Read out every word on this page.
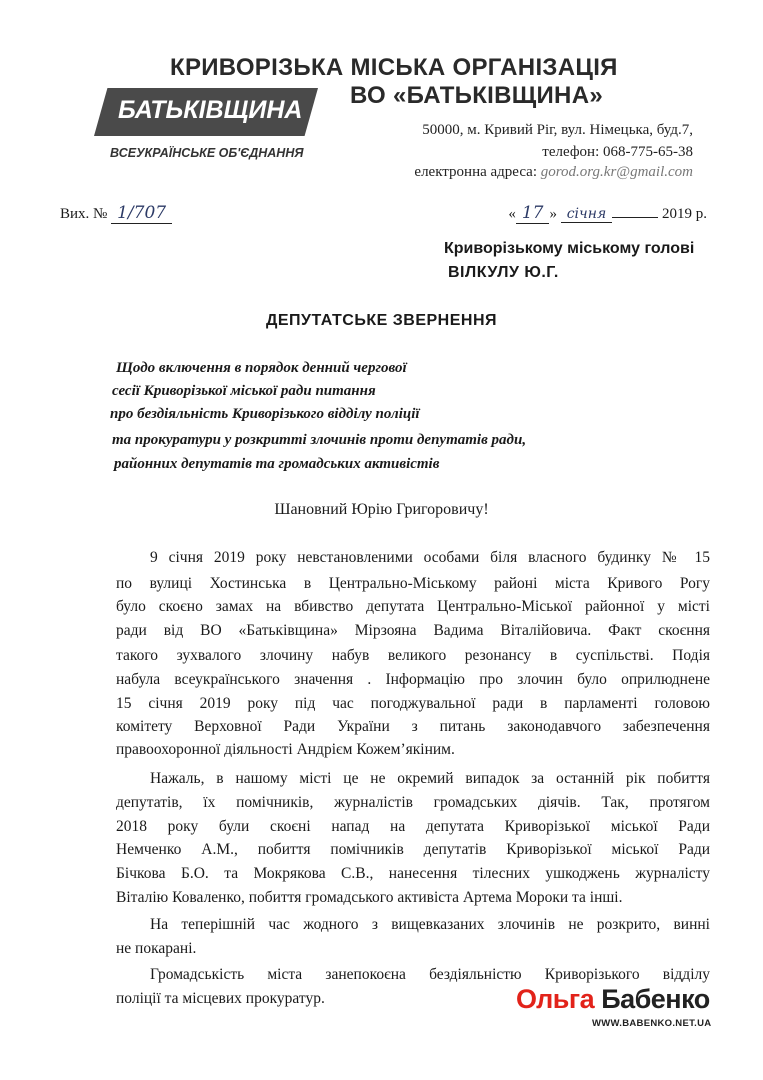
КРИВОРІЗЬКА МІСЬКА ОРГАНІЗАЦІЯ
ВО «БАТЬКІВЩИНА»
БАТЬКІВЩИНА
ВСЕУКРАЇНСЬКЕ ОБ'ЄДНАННЯ
50000, м. Кривий Ріг, вул. Німецька, буд.7,
телефон: 068-775-65-38
електронна адреса: gorod.org.kr@gmail.com
Вих. № 1/707	« 17 » січня	2019 р.
Криворізькому міському голові
ВІЛКУЛУ Ю.Г.
ДЕПУТАТСЬКЕ ЗВЕРНЕННЯ
Щодо включення в порядок денний чергової
сесії Криворізької міської ради питання
про бездіяльність Криворізького відділу поліції
та прокуратури у розкритті злочинів проти депутатів ради,
районних депутатів та громадських активістів
Шановний Юрію Григоровичу!
9 січня 2019 року невстановленими особами біля власного будинку № 15
по вулиці Хостинська в Центрально-Міському районі міста Кривого Рогу
було скоєно замах на вбивство депутата Центрально-Міської районної у місті
ради від ВО «Батьківщина» Мірзояна Вадима Віталійовича. Факт скоєння
такого зухвалого злочину набув великого резонансу в суспільстві. Подія
набула всеукраїнського значення . Інформацію про злочин було оприлюднене
15 січня 2019 року під час погоджувальної ради в парламенті головою
комітету Верховної Ради України з питань законодавчого забезпечення
правоохоронної діяльності Андрієм Кожем’якіним.
Нажаль, в нашому місті це не окремий випадок за останній рік побиття
депутатів, їх помічників, журналістів громадських діячів. Так, протягом
2018 року були скоєні напад на депутата Криворізької міської Ради
Немченко А.М., побиття помічників депутатів Криворізької міської Ради
Бічкова Б.О. та Мокрякова С.В., нанесення тілесних ушкоджень журналісту
Віталію Коваленко, побиття громадського активіста Артема Мороки та інші.
На теперішній час жодного з вищевказаних злочинів не розкрито, винні
не покарані.
Громадськість міста занепокоєна бездіяльністю Криворізького відділу
поліції та місцевих прокуратур.	Ольга Бабенко
WWW.BABENKO.NET.UA
